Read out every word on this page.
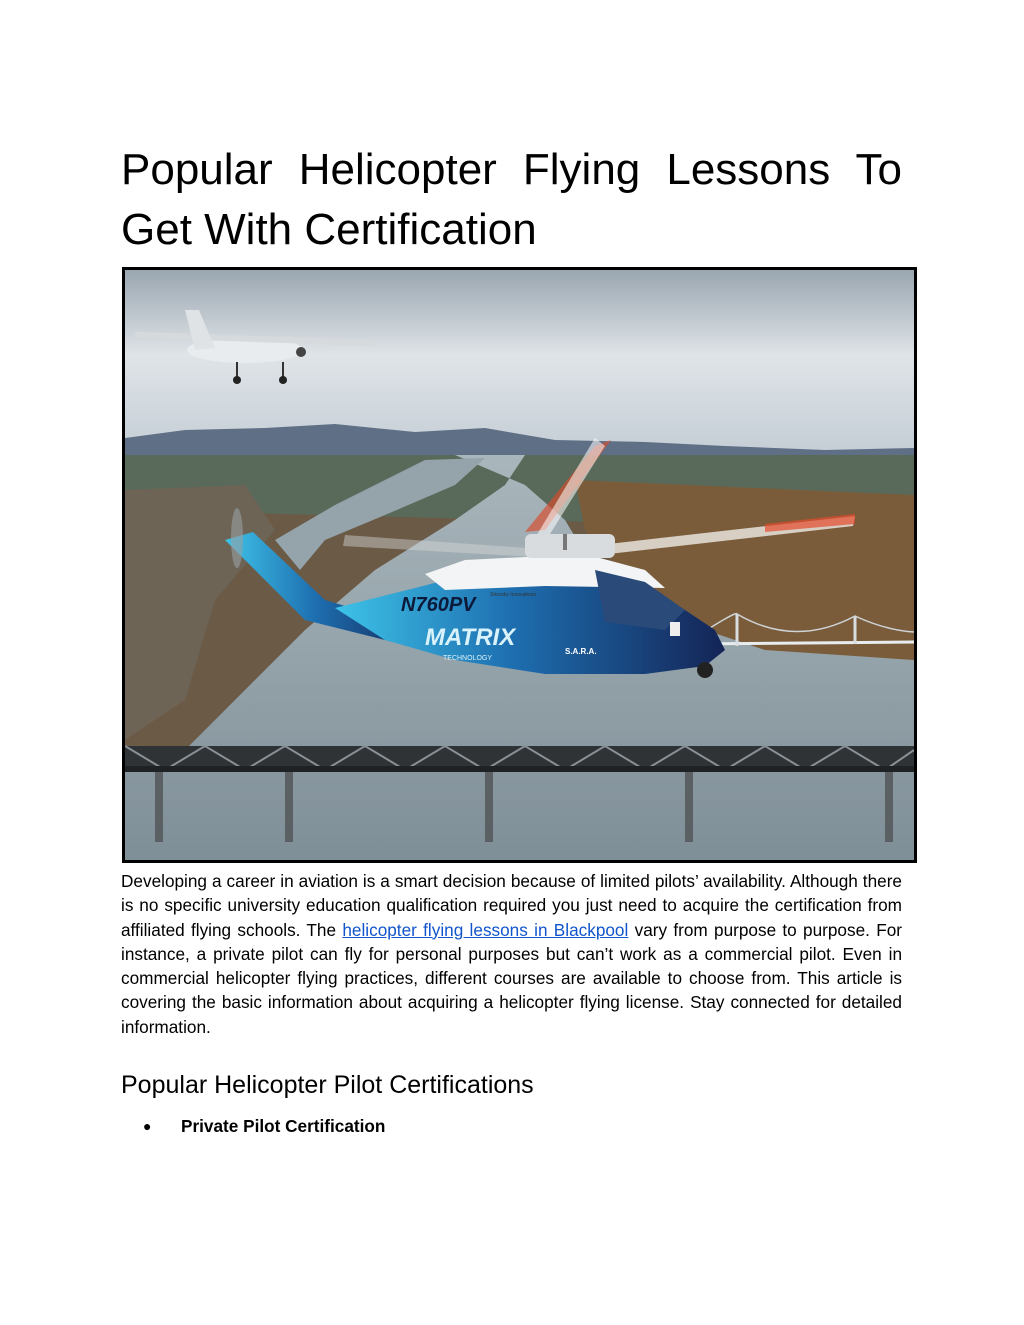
Popular Helicopter Flying Lessons To Get With Certification
N760PV
MATRIX
TECHNOLOGY
S.A.R.A.
Sikorsky Innovations

Developing a career in aviation is a smart decision because of limited pilots’ availability. Although there is no specific university education qualification required you just need to acquire the certification from affiliated flying schools. The helicopter flying lessons in Blackpool vary from purpose to purpose. For instance, a private pilot can fly for personal purposes but can’t work as a commercial pilot. Even in commercial helicopter flying practices, different courses are available to choose from. This article is covering the basic information about acquiring a helicopter flying license. Stay connected for detailed information.

Popular Helicopter Pilot Certifications
● Private Pilot Certification
